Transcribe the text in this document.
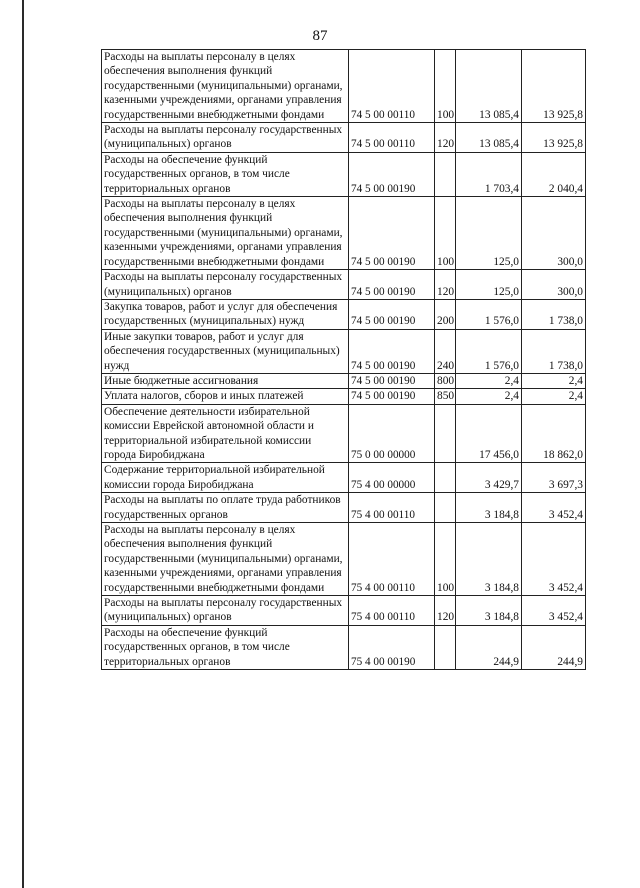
87
Расходы на выплаты персоналу в целях обеспечения выполнения функций государственными (муниципальными) органами, казенными учреждениями, органами управления государственными внебюджетными фондами	74 5 00 00110	100	13 085,4	13 925,8
Расходы на выплаты персоналу государственных (муниципальных) органов	74 5 00 00110	120	13 085,4	13 925,8
Расходы на обеспечение функций государственных органов, в том числе территориальных органов	74 5 00 00190		1 703,4	2 040,4
Расходы на выплаты персоналу в целях обеспечения выполнения функций государственными (муниципальными) органами, казенными учреждениями, органами управления государственными внебюджетными фондами	74 5 00 00190	100	125,0	300,0
Расходы на выплаты персоналу государственных (муниципальных) органов	74 5 00 00190	120	125,0	300,0
Закупка товаров, работ и услуг для обеспечения государственных (муниципальных) нужд	74 5 00 00190	200	1 576,0	1 738,0
Иные закупки товаров, работ и услуг для обеспечения государственных (муниципальных) нужд	74 5 00 00190	240	1 576,0	1 738,0
Иные бюджетные ассигнования	74 5 00 00190	800	2,4	2,4
Уплата налогов, сборов и иных платежей	74 5 00 00190	850	2,4	2,4
Обеспечение деятельности избирательной комиссии Еврейской автономной области и территориальной избирательной комиссии города Биробиджана	75 0 00 00000		17 456,0	18 862,0
Содержание территориальной избирательной комиссии города Биробиджана	75 4 00 00000		3 429,7	3 697,3
Расходы на выплаты по оплате труда работников государственных органов	75 4 00 00110		3 184,8	3 452,4
Расходы на выплаты персоналу в целях обеспечения выполнения функций государственными (муниципальными) органами, казенными учреждениями, органами управления государственными внебюджетными фондами	75 4 00 00110	100	3 184,8	3 452,4
Расходы на выплаты персоналу государственных (муниципальных) органов	75 4 00 00110	120	3 184,8	3 452,4
Расходы на обеспечение функций государственных органов, в том числе территориальных органов	75 4 00 00190		244,9	244,9
